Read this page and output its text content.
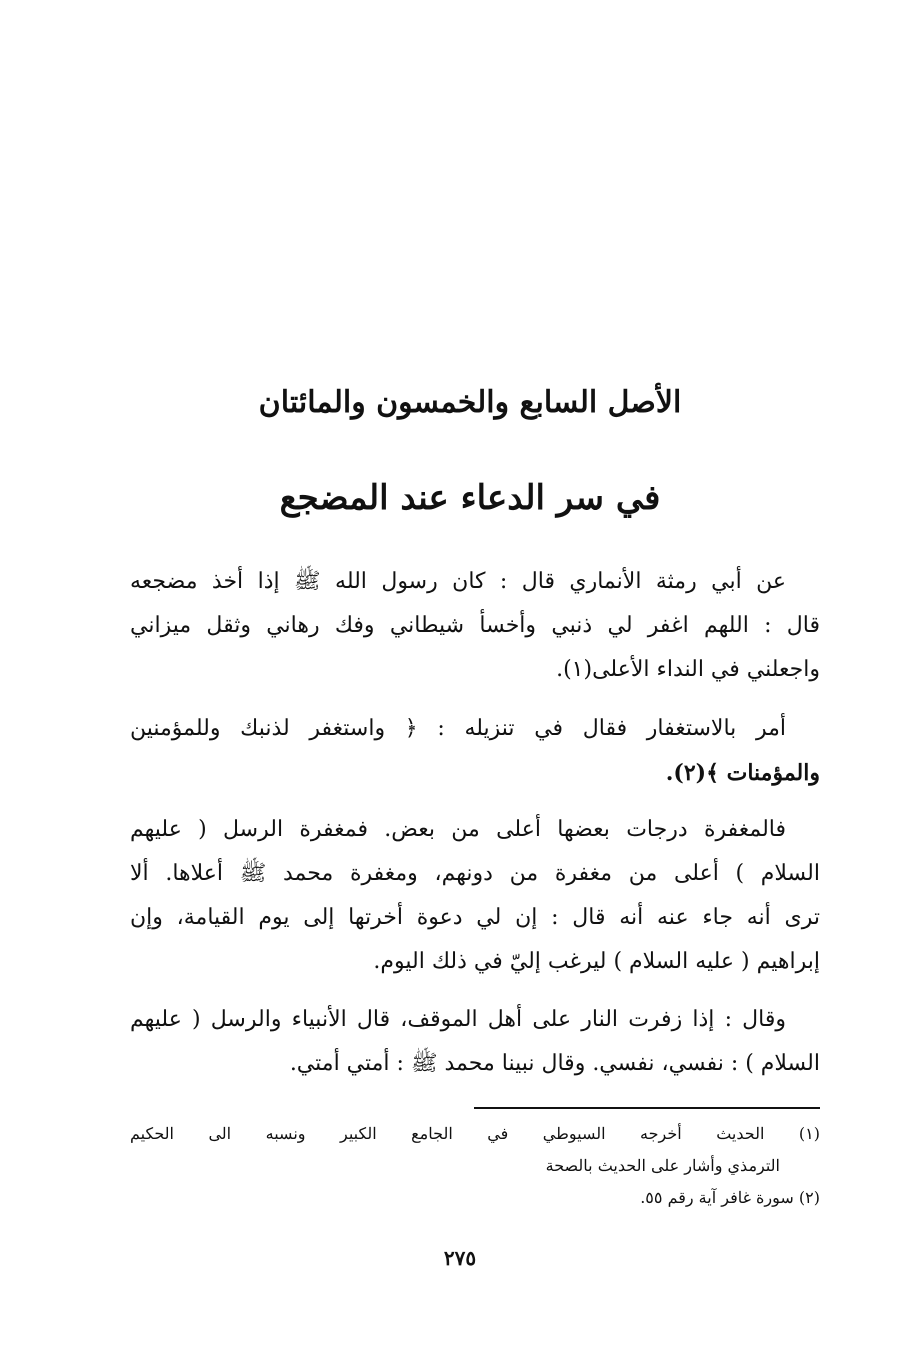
الأصل السابع والخمسون والمائتان
في سر الدعاء عند المضجع
عن أبي رمثة الأنماري قال : كان رسول الله ﷺ إذا أخذ مضجعه
قال : اللهم اغفر لي ذنبي وأخسأ شيطاني وفك رهاني وثقل ميزاني
واجعلني في النداء الأعلى(١).
أمر بالاستغفار فقال في تنزيله : ﴿ واستغفر لذنبك وللمؤمنين
والمؤمنات ﴾(٢).
فالمغفرة درجات بعضها أعلى من بعض. فمغفرة الرسل ( عليهم
السلام ) أعلى من مغفرة من دونهم، ومغفرة محمد ﷺ أعلاها. ألا
ترى أنه جاء عنه أنه قال : إن لي دعوة أخرتها إلى يوم القيامة، وإن
إبراهيم ( عليه السلام ) ليرغب إليّ في ذلك اليوم.
وقال : إذا زفرت النار على أهل الموقف، قال الأنبياء والرسل ( عليهم
السلام ) : نفسي، نفسي. وقال نبينا محمد ﷺ : أمتي أمتي.
(١) الحديث أخرجه السيوطي في الجامع الكبير ونسبه الى الحكيم
الترمذي وأشار على الحديث بالصحة
(٢) سورة غافر آية رقم ٥٥.
٢٧٥
